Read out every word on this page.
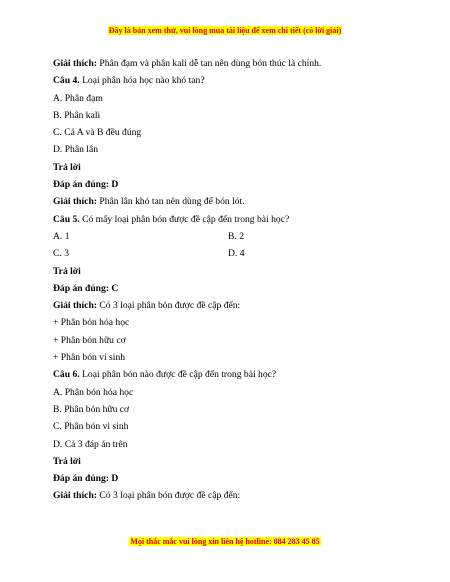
Đây là bản xem thử, vui lòng mua tài liệu để xem chi tiết (có lời giải)
Giải thích: Phân đạm và phân kali dễ tan nên dùng bón thúc là chính.
Câu 4. Loại phân hóa học nào khó tan?
A. Phân đạm
B. Phân kali
C. Cả A và B đều đúng
D. Phân lân
Trả lời
Đáp án đúng: D
Giải thích: Phân lân khó tan nên dùng để bón lót.
Câu 5. Có mấy loại phân bón được đề cập đến trong bài học?
A. 1	B. 2
C. 3	D. 4
Trả lời
Đáp án đúng: C
Giải thích: Có 3 loại phân bón được đề cập đến:
+ Phân bón hóa học
+ Phân bón hữu cơ
+ Phân bón vi sinh
Câu 6. Loại phân bón nào được đề cập đến trong bài học?
A. Phân bón hóa học
B. Phân bón hữu cơ
C. Phân bón vi sinh
D. Cả 3 đáp án trên
Trả lời
Đáp án đúng: D
Giải thích: Có 3 loại phân bón được đề cập đến:
Mọi thắc mắc vui lòng xin liên hệ hotline: 084 283 45 85
